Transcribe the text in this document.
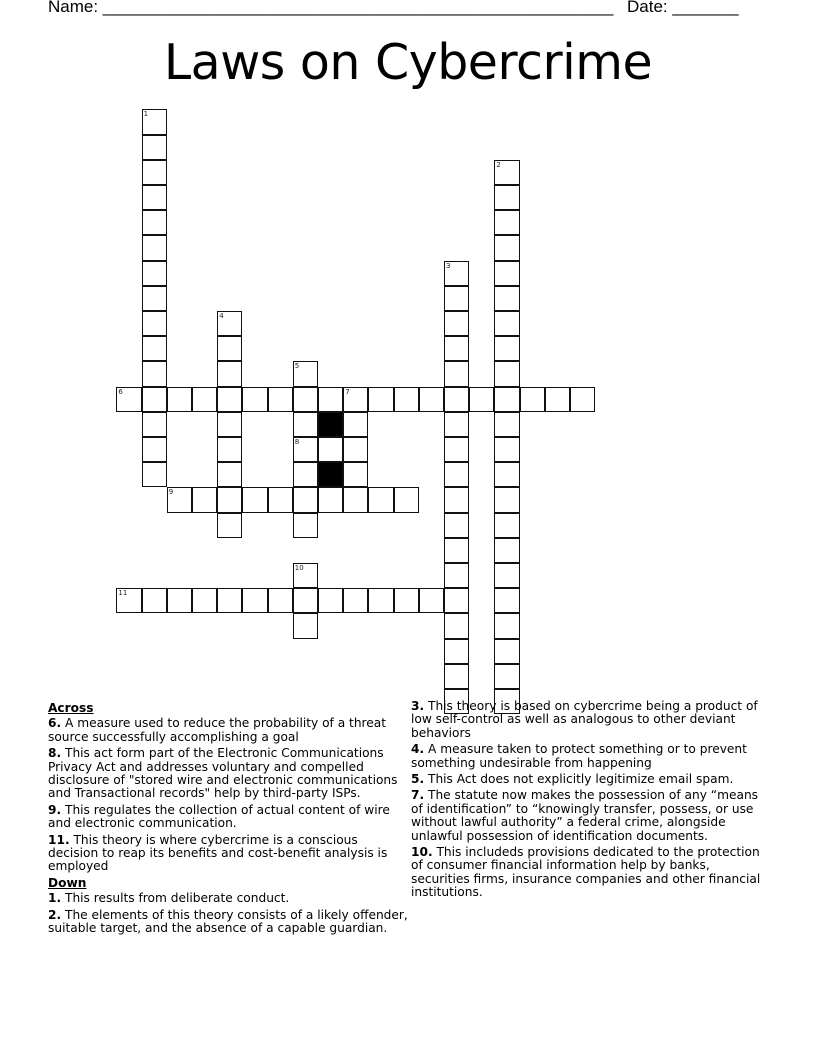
Name: ______________________________________________________ Date: _______
Laws on Cybercrime
1
2
3
4
5
8
6	7
9
10
11
Across
6. A measure used to reduce the probability of a threat source successfully accomplishing a goal
8. This act form part of the Electronic Communications Privacy Act and addresses voluntary and compelled disclosure of "stored wire and electronic communications and Transactional records" help by third-party ISPs.
9. This regulates the collection of actual content of wire and electronic communication.
11. This theory is where cybercrime is a conscious decision to reap its benefits and cost-benefit analysis is employed
Down
1. This results from deliberate conduct.
2. The elements of this theory consists of a likely offender, suitable target, and the absence of a capable guardian.
3. This theory is based on cybercrime being a product of low self-control as well as analogous to other deviant behaviors
4. A measure taken to protect something or to prevent something undesirable from happening
5. This Act does not explicitly legitimize email spam.
7. The statute now makes the possession of any “means of identification” to “knowingly transfer, possess, or use without lawful authority” a federal crime, alongside unlawful possession of identification documents.
10. This includeds provisions dedicated to the protection of consumer financial information help by banks, securities firms, insurance companies and other financial institutions.
